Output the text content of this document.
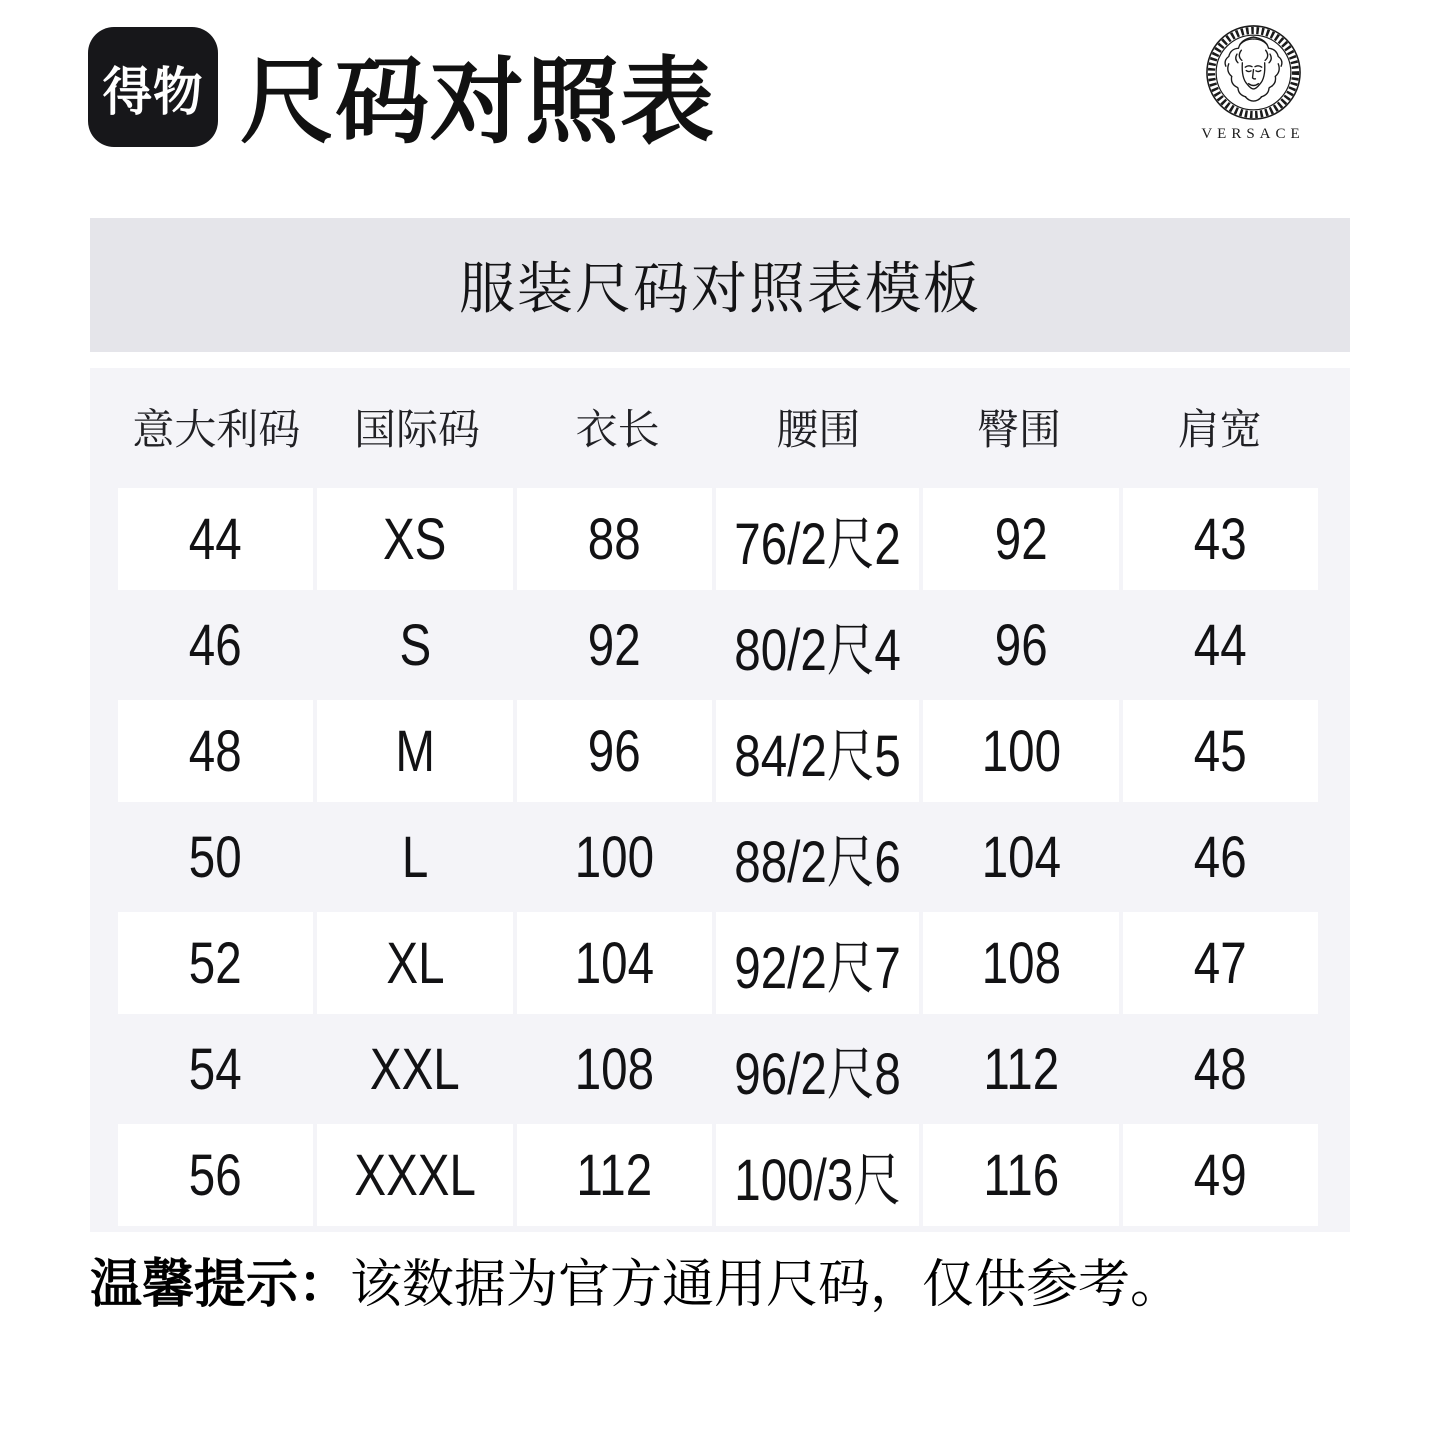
得物 尺码对照表	VERSACE
服装尺码对照表模板
意大利码	国际码	衣长	腰围	臀围	肩宽
44 XS 88 76/2尺2 92	43
46	S	92 80/2尺4 96	44
48	M	96 84/2尺5 100 45
50	L	100 88/2尺6 104 46
52 XL 104 92/2尺7 108 47
54 XXL 108 96/2尺8 112 48
56 XXXL 112 100/3尺 116 49
温馨提示：该数据为官方通用尺码，仅供参考。
